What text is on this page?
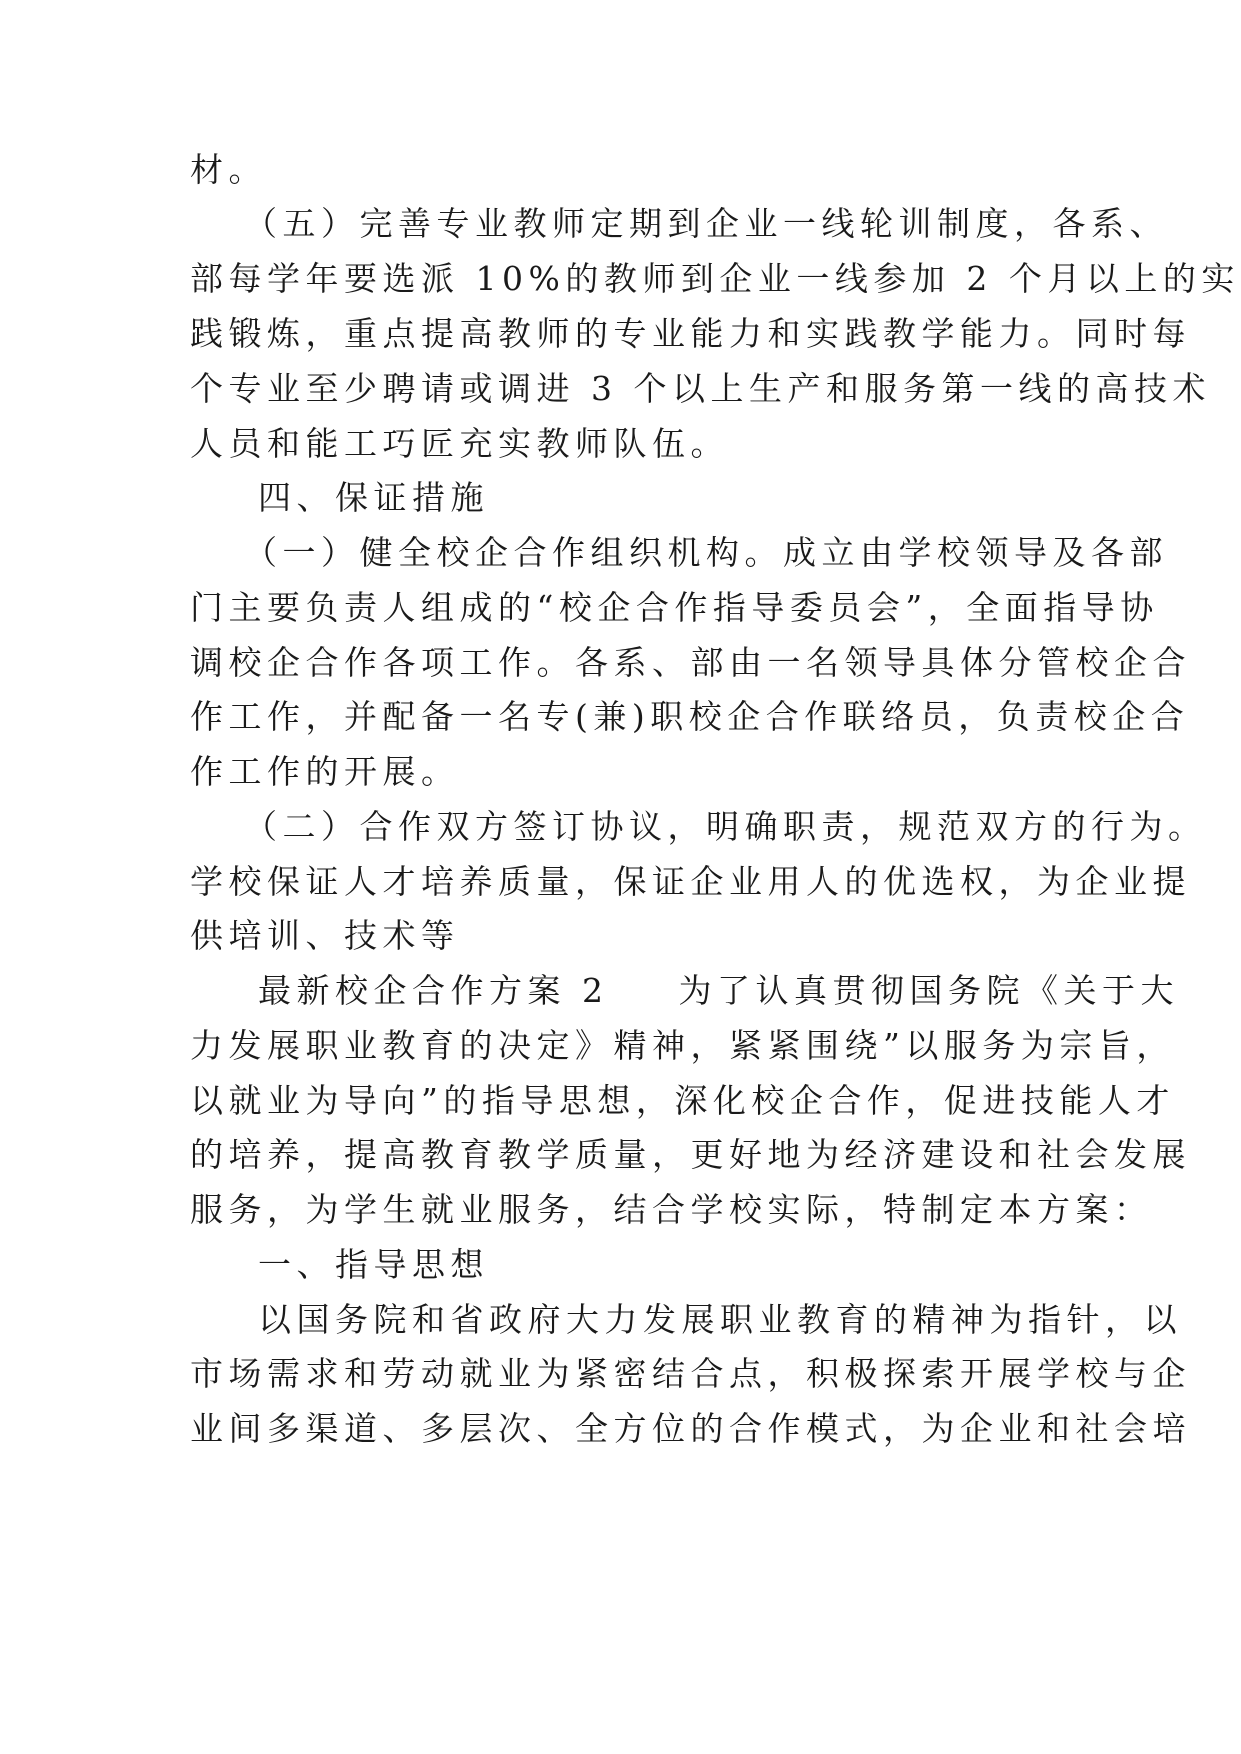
材。
（五）完善专业教师定期到企业一线轮训制度，各系、
部每学年要选派 10%的教师到企业一线参加 2 个月以上的实
践锻炼，重点提高教师的专业能力和实践教学能力。同时每
个专业至少聘请或调进 3 个以上生产和服务第一线的高技术
人员和能工巧匠充实教师队伍。
四、保证措施
（一）健全校企合作组织机构。成立由学校领导及各部
门主要负责人组成的“校企合作指导委员会”，全面指导协
调校企合作各项工作。各系、部由一名领导具体分管校企合
作工作，并配备一名专(兼)职校企合作联络员，负责校企合
作工作的开展。
（二）合作双方签订协议，明确职责，规范双方的行为。
学校保证人才培养质量，保证企业用人的优选权，为企业提
供培训、技术等
最新校企合作方案 2 为了认真贯彻国务院《关于大
力发展职业教育的决定》精神，紧紧围绕”以服务为宗旨，
以就业为导向”的指导思想，深化校企合作，促进技能人才
的培养，提高教育教学质量，更好地为经济建设和社会发展
服务，为学生就业服务，结合学校实际，特制定本方案：
一、指导思想
以国务院和省政府大力发展职业教育的精神为指针，以
市场需求和劳动就业为紧密结合点，积极探索开展学校与企
业间多渠道、多层次、全方位的合作模式，为企业和社会培
